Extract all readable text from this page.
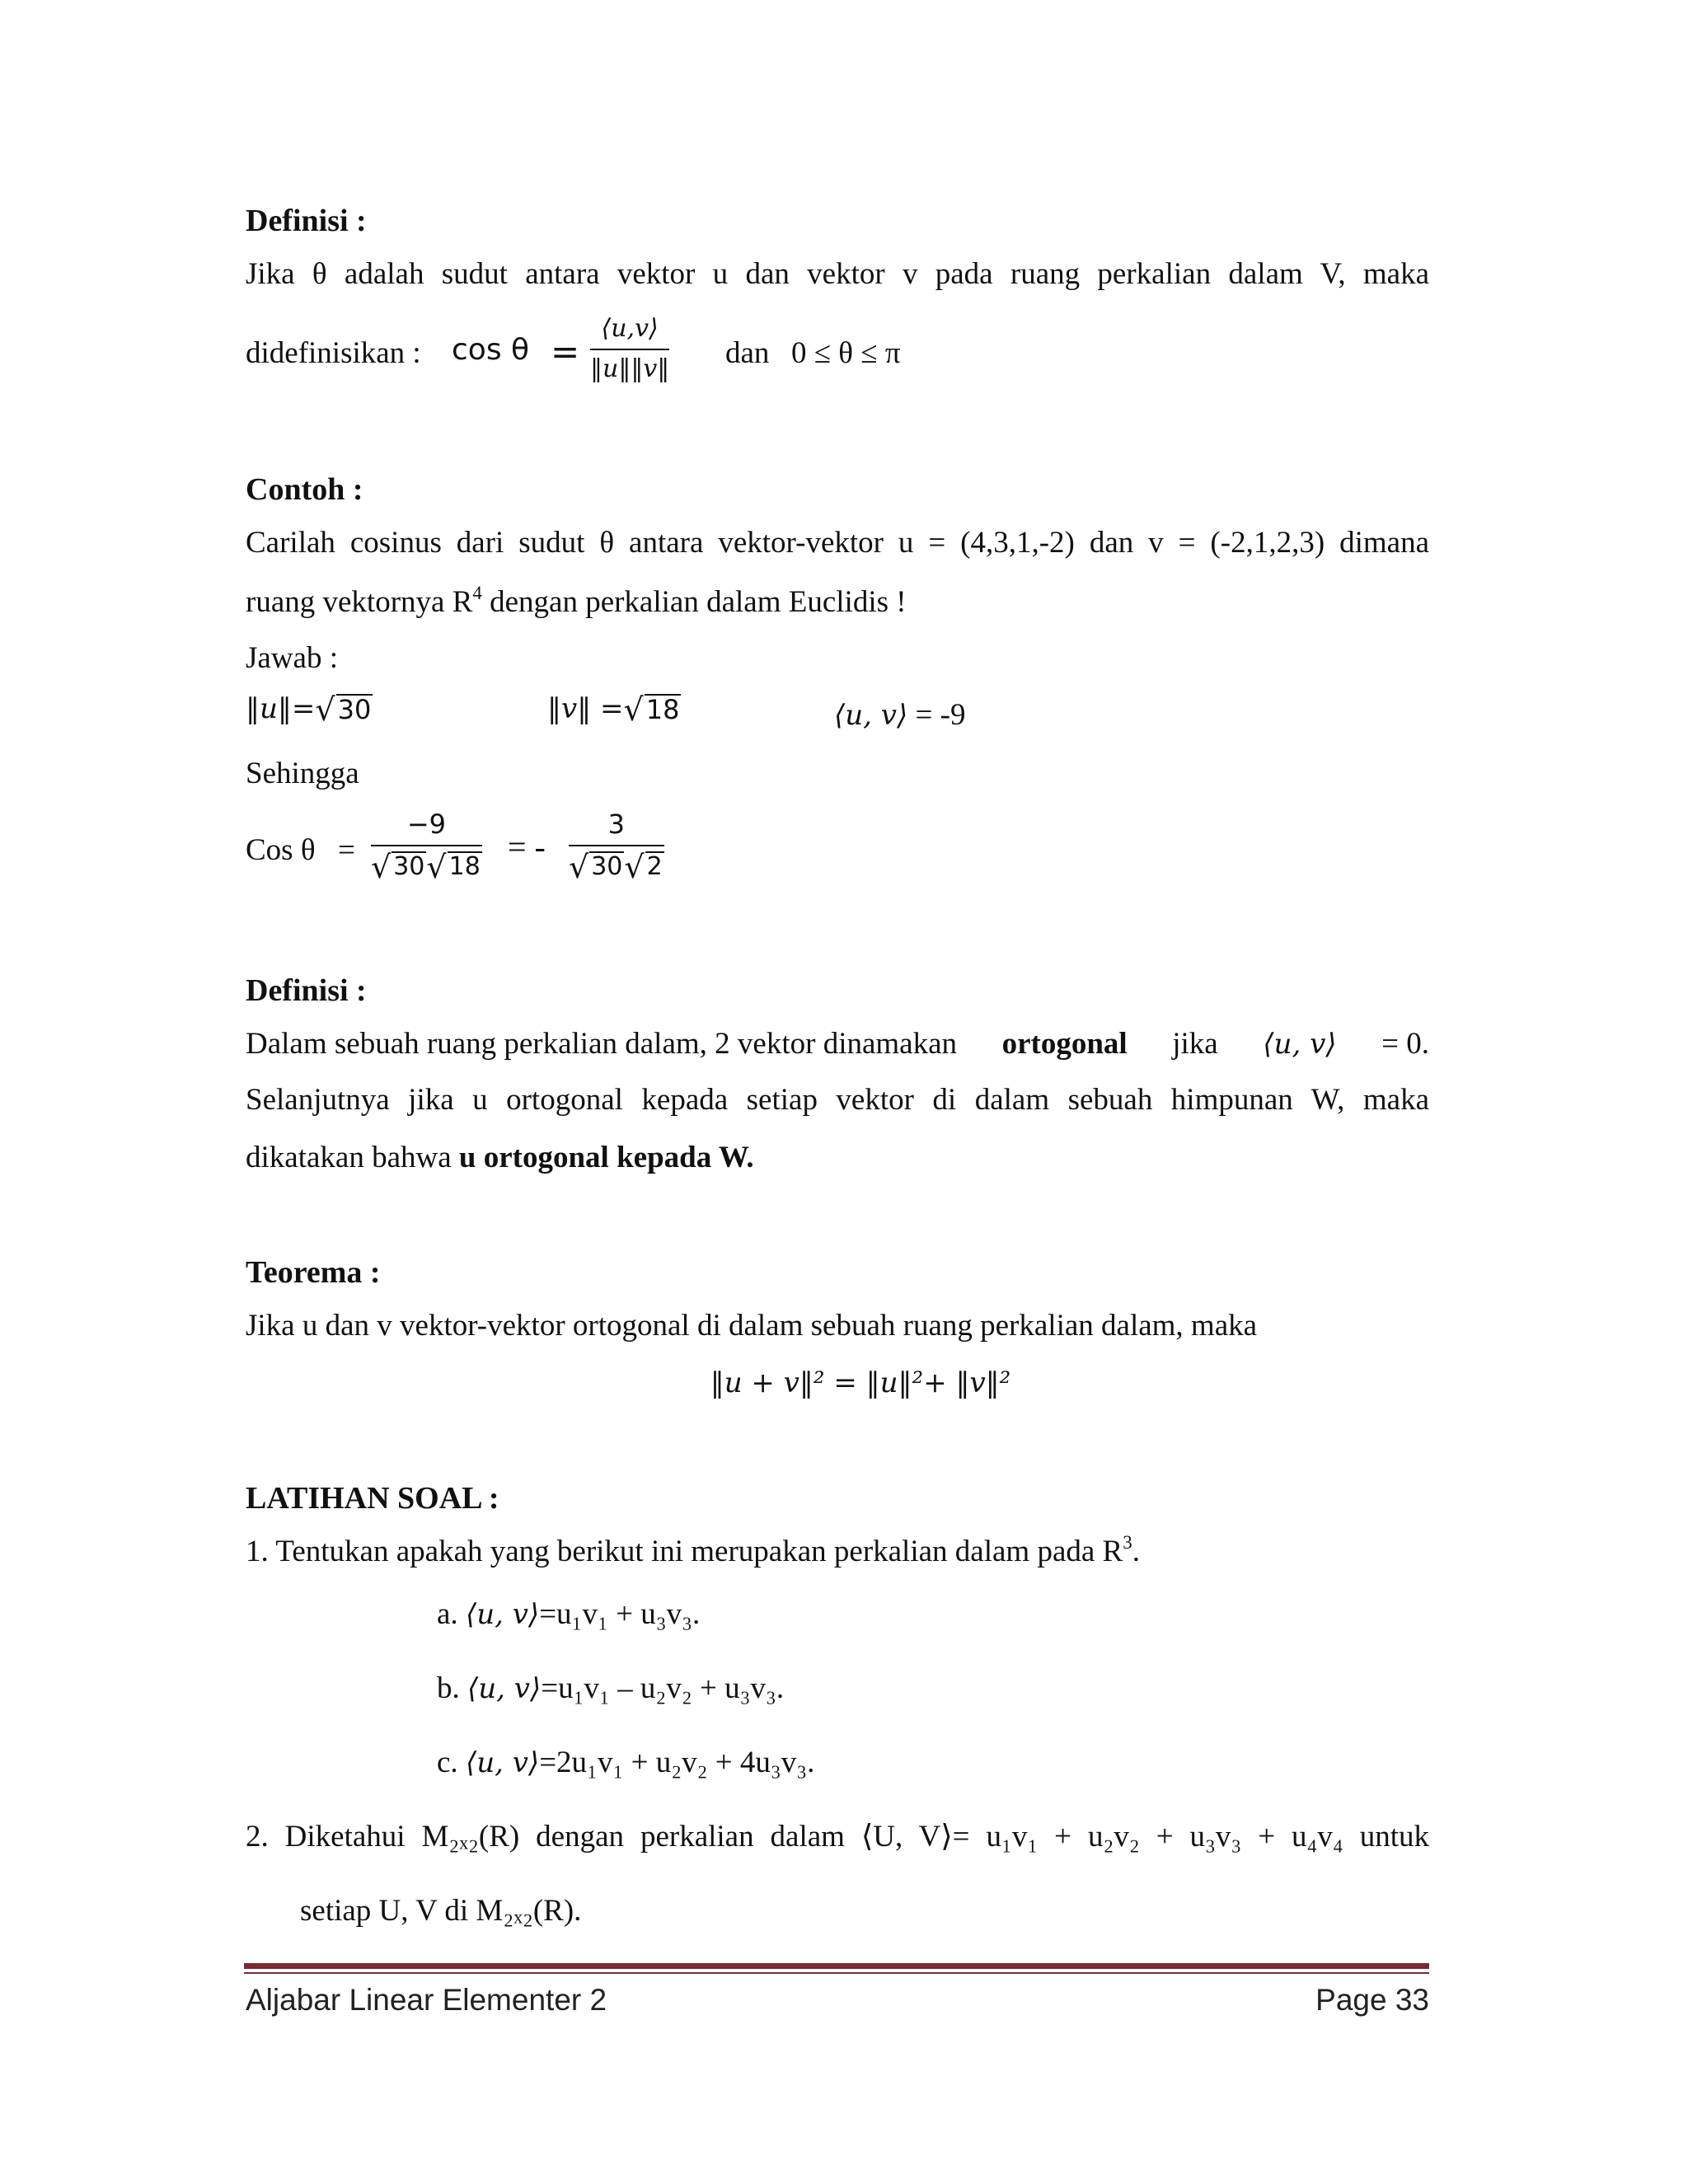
Definisi :
Jika θ adalah sudut antara vektor u dan vektor v pada ruang perkalian dalam V, maka
didefinisikan : cos θ =
⟨u,v⟩
‖u‖‖v‖ dan 0 ≤ θ ≤ π
Contoh :
Carilah cosinus dari sudut θ antara vektor-vektor u = (4,3,1,-2) dan v = (-2,1,2,3) dimana
ruang vektornya $R^4$ dengan perkalian dalam Euclidis !
Jawab :
‖u‖= √ 30	‖v‖ = √ 18	⟨u, v⟩ = -9
Sehingga
Cos θ =
−9
√ 30 √ 18
= -
3
√ 30 √ 2
Definisi :
Dalam sebuah ruang perkalian dalam, 2 vektor dinamakan ortogonal jika ⟨u, v⟩ = 0.
Selanjutnya jika u ortogonal kepada setiap vektor di dalam sebuah himpunan W, maka
dikatakan bahwa u ortogonal kepada W.
Teorema :
Jika u dan v vektor-vektor ortogonal di dalam sebuah ruang perkalian dalam, maka
‖u + v‖² = ‖u‖²+ ‖v‖²
LATIHAN SOAL :
1. Tentukan apakah yang berikut ini merupakan perkalian dalam pada $R^3$.
a. ⟨u, v⟩=u₁v₁ + u₃v₃.
b. ⟨u, v⟩=u₁v₁ – u₂v₂ + u₃v₃.
c. ⟨u, v⟩=2u₁v₁ + u₂v₂ + 4u₃v₃.
2. Diketahui M₂ₓ₂(R) dengan perkalian dalam ⟨U, V⟩= u₁v₁ + u₂v₂ + u₃v₃ + u₄v₄ untuk
setiap U, V di M₂ₓ₂(R).
Aljabar Linear Elementer 2	Page 33
